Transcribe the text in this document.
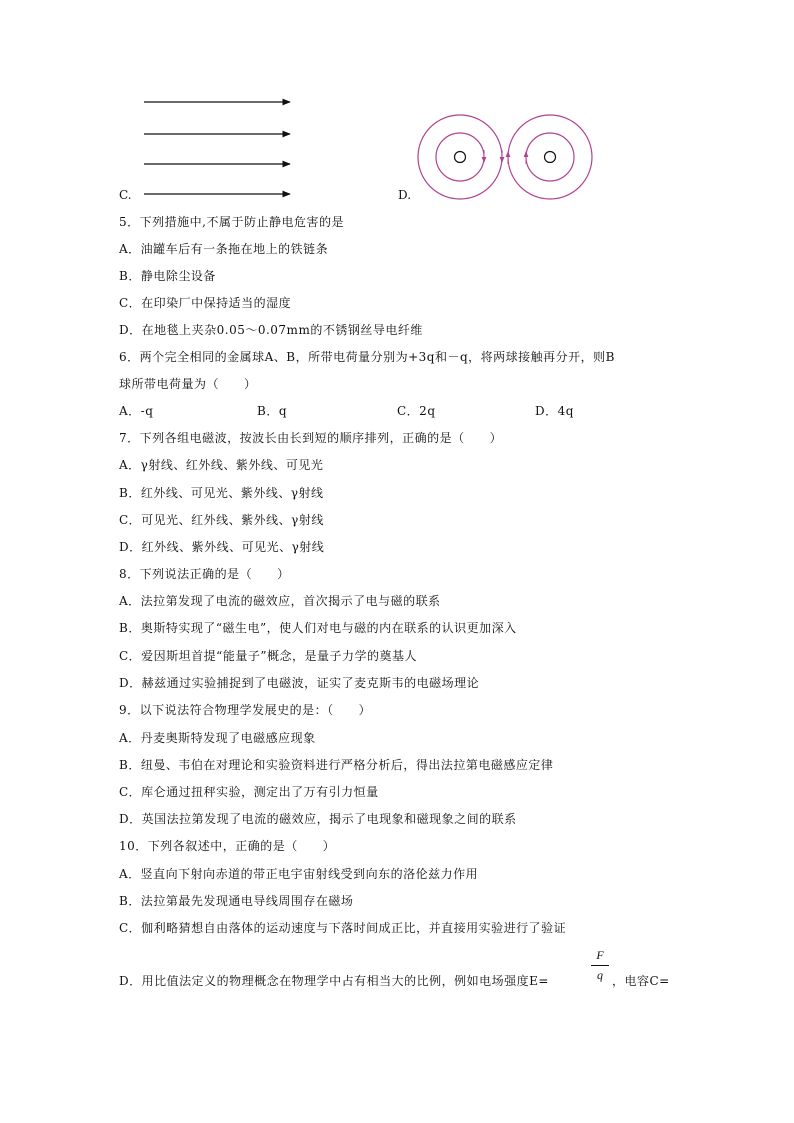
C.	D.
5．下列措施中,不属于防止静电危害的是
A．油罐车后有一条拖在地上的铁链条
B．静电除尘设备
C．在印染厂中保持适当的湿度
D．在地毯上夹杂0.05～0.07mm的不锈钢丝导电纤维
6．两个完全相同的金属球A、B，所带电荷量分别为+3q和－q，将两球接触再分开，则B
球所带电荷量为（　　）
A．-q	B．q	C．2q	D．4q
7．下列各组电磁波，按波长由长到短的顺序排列，正确的是（　　）
A．γ射线、红外线、紫外线、可见光
B．红外线、可见光、紫外线、γ射线
C．可见光、红外线、紫外线、γ射线
D．红外线、紫外线、可见光、γ射线
8．下列说法正确的是（　　）
A．法拉第发现了电流的磁效应，首次揭示了电与磁的联系
B．奥斯特实现了“磁生电”，使人们对电与磁的内在联系的认识更加深入
C．爱因斯坦首提“能量子”概念，是量子力学的奠基人
D．赫兹通过实验捕捉到了电磁波，证实了麦克斯韦的电磁场理论
9．以下说法符合物理学发展史的是：（　　）
A．丹麦奥斯特发现了电磁感应现象
B．纽曼、韦伯在对理论和实验资料进行严格分析后，得出法拉第电磁感应定律
C．库仑通过扭秤实验，测定出了万有引力恒量
D．英国法拉第发现了电流的磁效应，揭示了电现象和磁现象之间的联系
10．下列各叙述中，正确的是（　　）
A．竖直向下射向赤道的带正电宇宙射线受到向东的洛伦兹力作用
B．法拉第最先发现通电导线周围存在磁场
C．伽利略猜想自由落体的运动速度与下落时间成正比，并直接用实验进行了验证
F
q
D．用比值法定义的物理概念在物理学中占有相当大的比例，例如电场强度E=	，电容C=
